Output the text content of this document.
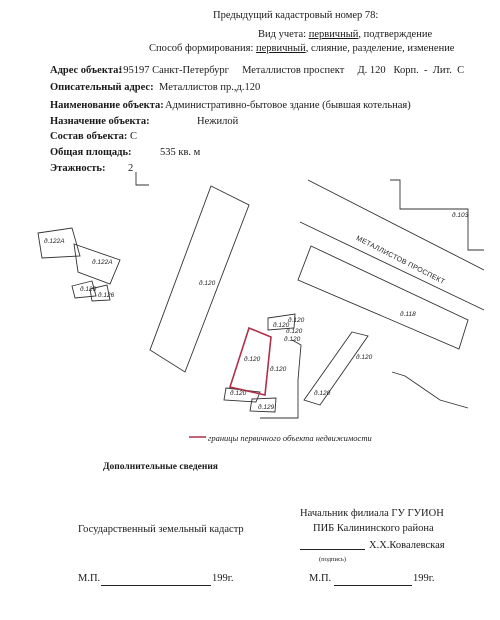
Предыдущий кадастровый номер 78:
Вид учета: первичный, подтверждение
Способ формирования: первичный, слияние, разделение, изменение
Адрес объекта:
195197 Санкт-Петербург     Металлистов проспект     Д. 120   Корп.  -  Лит.  С
Описательный адрес: Металлистов пр.,д.120
Наименование объекта: Административно-бытовое здание (бывшая котельная)
Назначение объекта:	Нежилой
Состав объекта: С
Общая площадь:	535 кв. м
Этажность: 2
д.122А
д.122А
д.120
д.126
д.120
д.103
д.118
д.120
д.120
д.120
д.120
д.120
д.120
д.120
д.120	д.120
д.129
МЕТАЛЛИСТОВ ПРОСПЕКТ
границы первичного объекта недвижимости
Дополнительные сведения
Начальник филиала ГУ ГУИОН
ПИБ Калининского района
Государственный земельный кадастр
Х.Х.Ковалевская
(подпись)
М.П.	199г.	М.П.	199г.
